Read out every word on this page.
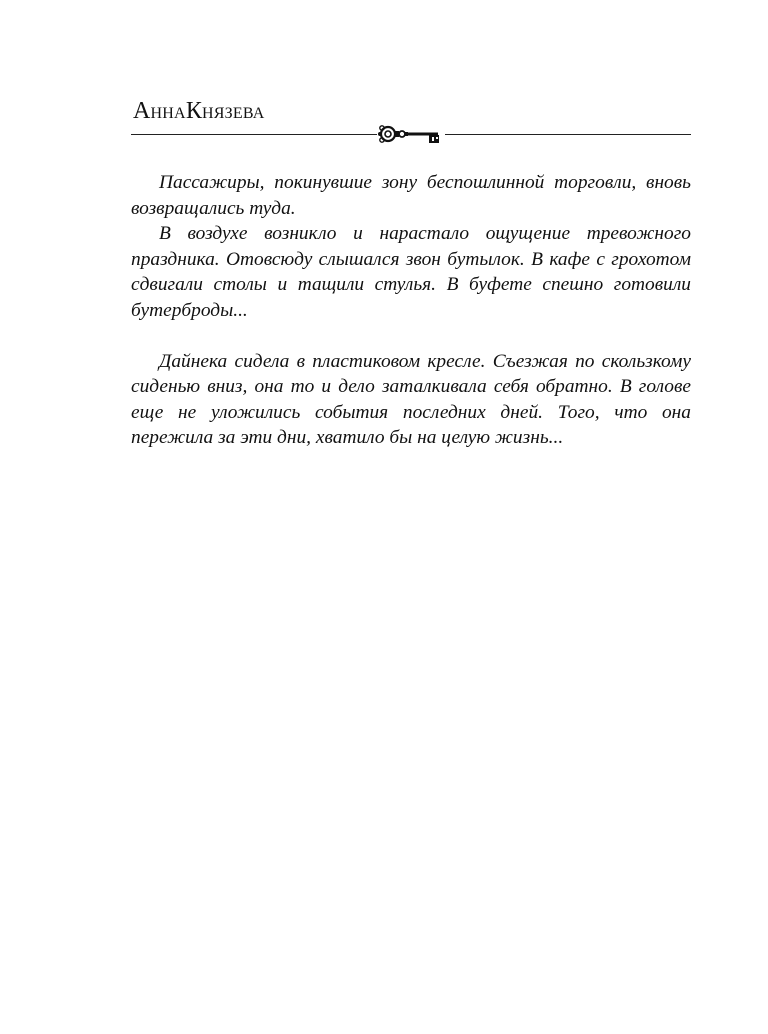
АННАКНЯЗЕВА

Пассажиры, покинувшие зону беспошлинной торговли, вновь возвращались туда.

В воздухе возникло и нарастало ощущение тревожного праздника. Отовсюду слышался звон бутылок. В кафе с грохотом сдвигали столы и тащили стулья. В буфете спешно готовили бутерброды...

Дайнека сидела в пластиковом кресле. Съезжая по скользкому сиденью вниз, она то и дело заталкивала себя обратно. В голове еще не уложились события последних дней. Того, что она пережила за эти дни, хватило бы на целую жизнь...
